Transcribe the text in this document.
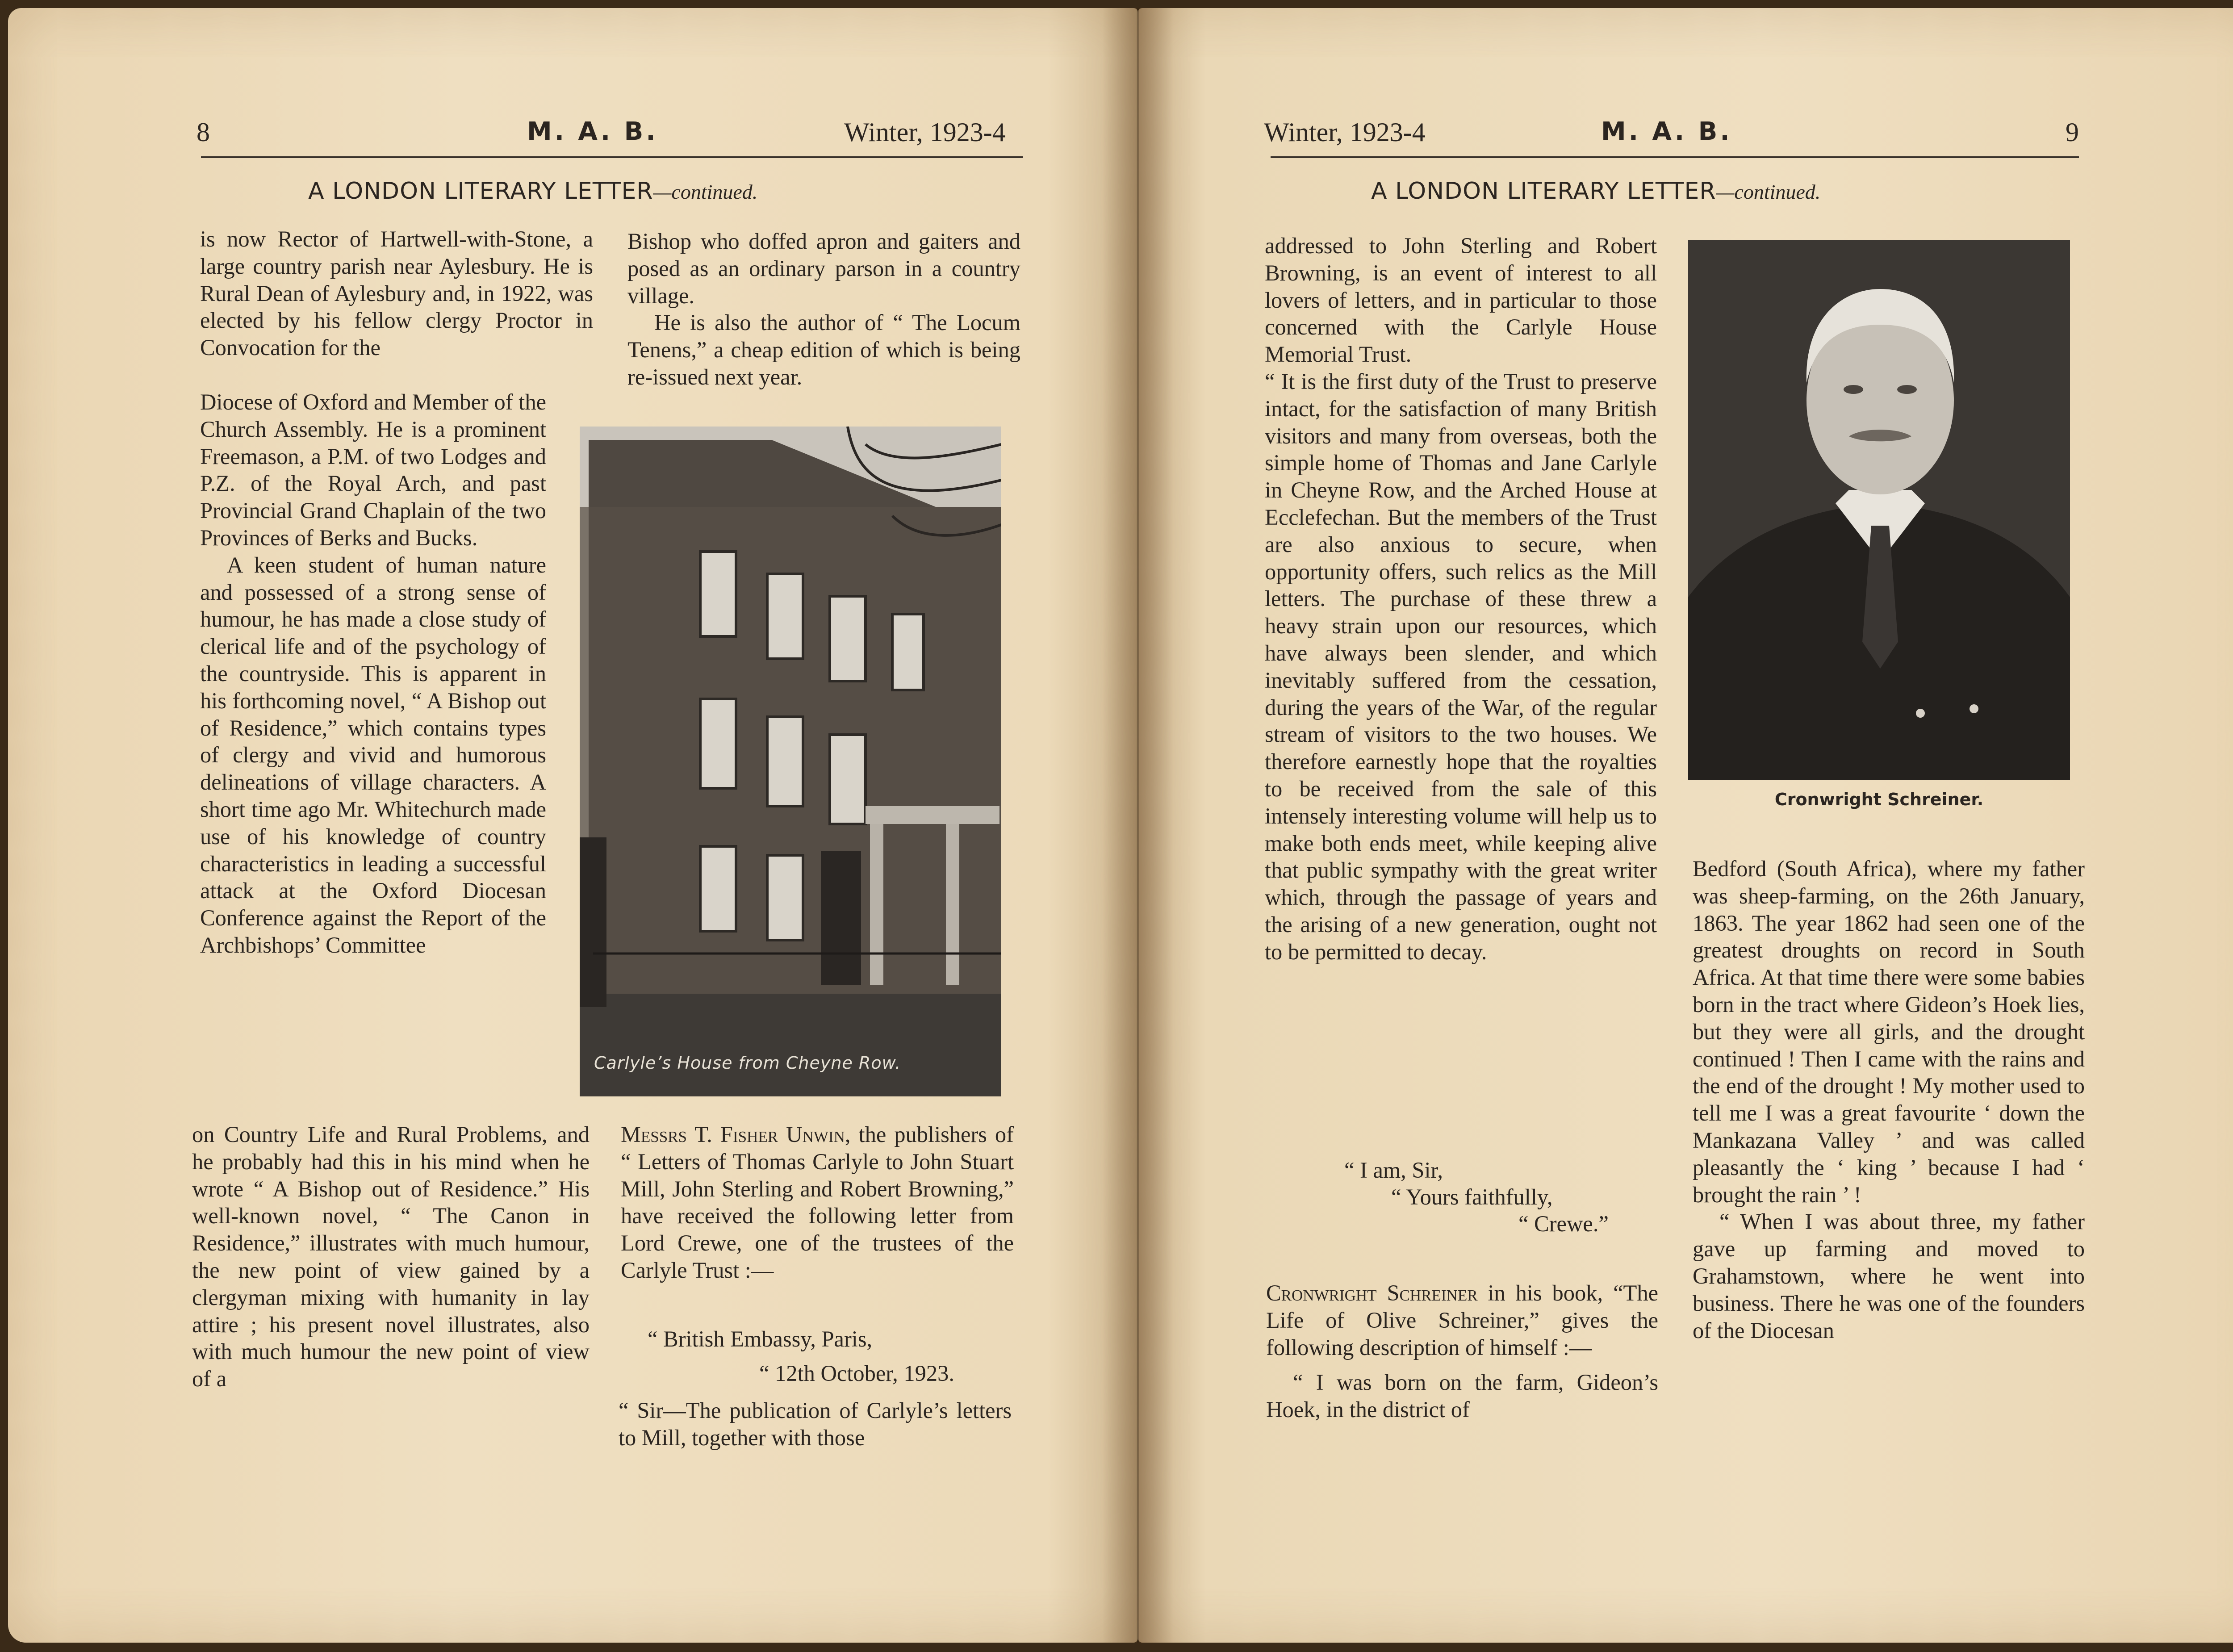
8	M. A. B.	Winter, 1923-4
A LONDON LITERARY LETTER—continued.

is now Rector of Hartwell-with-Stone, a large country parish near Aylesbury. He is Rural Dean of Aylesbury and, in 1922, was elected by his fellow clergy Proctor in Convocation for the

Diocese of Oxford and Member of the Church Assembly. He is a prominent Freemason, a P.M. of two Lodges and P.Z. of the Royal Arch, and past Provincial Grand Chaplain of the two Provinces of Berks and Bucks.

A keen student of human nature and possessed of a strong sense of humour, he has made a close study of clerical life and of the psychology of the countryside. This is apparent in his forthcoming novel, “ A Bishop out of Residence,” which contains types of clergy and vivid and humorous delineations of village characters. A short time ago Mr. Whitechurch made use of his knowledge of country characteristics in leading a successful attack at the Oxford Diocesan Conference against the Report of the Archbishops’ Committee

on Country Life and Rural Problems, and he probably had this in his mind when he wrote “ A Bishop out of Residence.” His well-known novel, “ The Canon in Residence,” illustrates with much humour, the new point of view gained by a clergyman mixing with humanity in lay attire ; his present novel illustrates, also with much humour the new point of view of a

Bishop who doffed apron and gaiters and posed as an ordinary parson in a country village.

He is also the author of “ The Locum Tenens,” a cheap edition of which is being re-issued next year.

Carlyle’s House from Cheyne Row.

Messrs T. Fisher Unwin, the publishers of “ Letters of Thomas Carlyle to John Stuart Mill, John Sterling and Robert Browning,” have received the following letter from Lord Crewe, one of the trustees of the Carlyle Trust :—

“ British Embassy, Paris,
“ 12th October, 1923.

“ Sir—The publication of Carlyle’s letters to Mill, together with those

Winter, 1923-4	M. A. B.	9
A LONDON LITERARY LETTER—continued.

addressed to John Sterling and Robert Browning, is an event of interest to all lovers of letters, and in particular to those concerned with the Carlyle House Memorial Trust.

“ It is the first duty of the Trust to preserve intact, for the satisfaction of many British visitors and many from overseas, both the simple home of Thomas and Jane Carlyle in Cheyne Row, and the Arched House at Ecclefechan. But the members of the Trust are also anxious to secure, when opportunity offers, such relics as the Mill letters. The purchase of these threw a heavy strain upon our resources, which have always been slender, and which inevitably suffered from the cessation, during the years of the War, of the regular stream of visitors to the two houses. We therefore earnestly hope that the royalties to be received from the sale of this intensely interesting volume will help us to make both ends meet, while keeping alive that public sympathy with the great writer which, through the passage of years and the arising of a new generation, ought not to be permitted to decay.

“ I am, Sir,
“ Yours faithfully,
“ Crewe.”

Cronwright Schreiner in his book, “The Life of Olive Schreiner,” gives the following description of himself :—

“ I was born on the farm, Gideon’s Hoek, in the district of

Cronwright Schreiner.

Bedford (South Africa), where my father was sheep-farming, on the 26th January, 1863. The year 1862 had seen one of the greatest droughts on record in South Africa. At that time there were some babies born in the tract where Gideon’s Hoek lies, but they were all girls, and the drought continued ! Then I came with the rains and the end of the drought ! My mother used to tell me I was a great favourite ‘ down the Mankazana Valley ’ and was called pleasantly the ‘ king ’ because I had ‘ brought the rain ’ !

“ When I was about three, my father gave up farming and moved to Grahamstown, where he went into business. There he was one of the founders of the Diocesan
